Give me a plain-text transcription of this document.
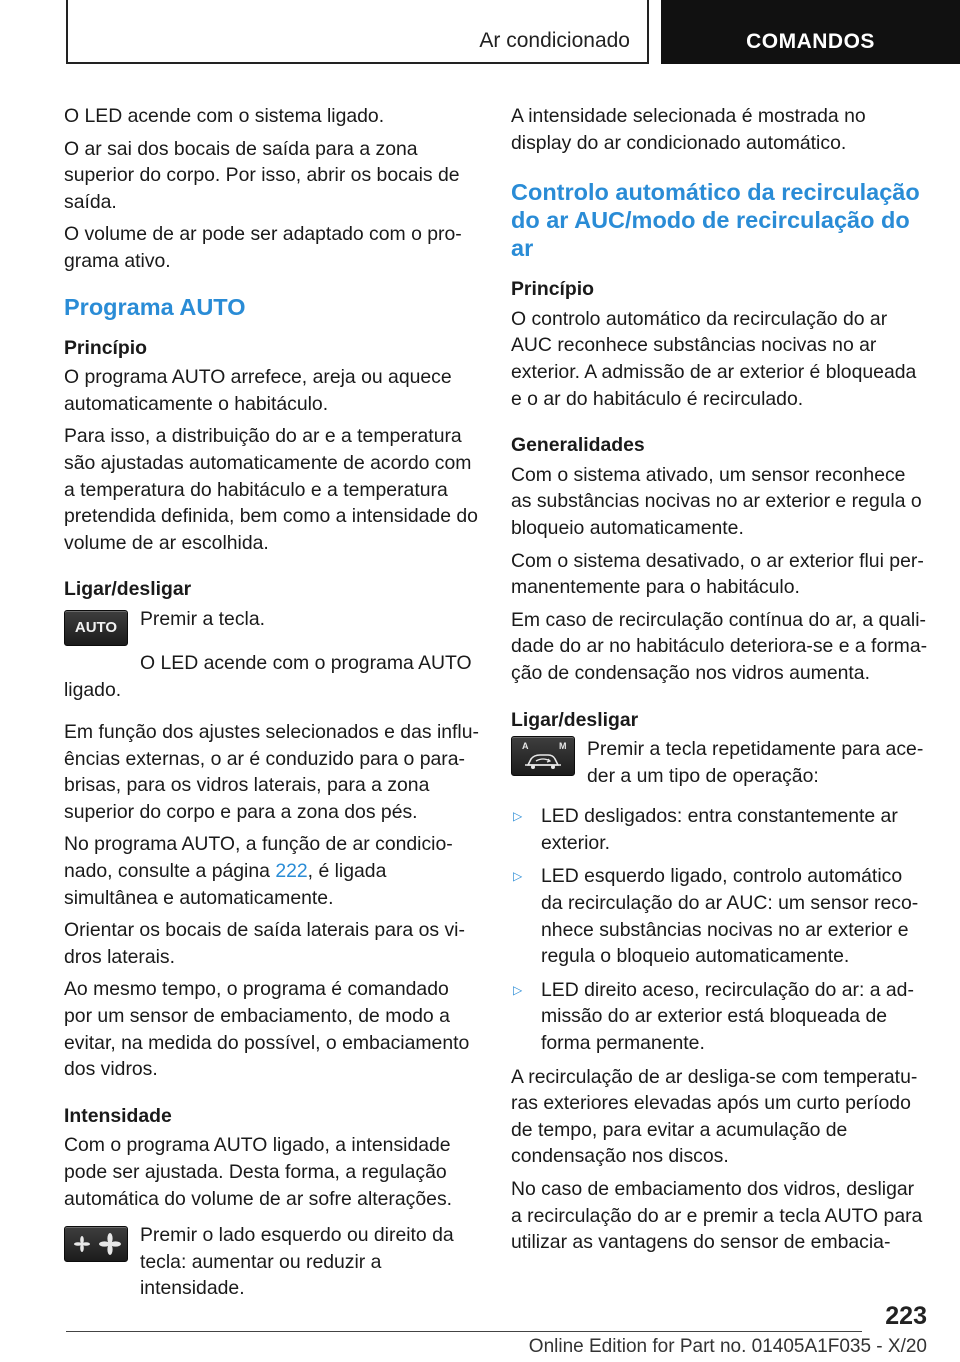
Ar condicionado	COMANDOS

O LED acende com o sistema ligado.

O ar sai dos bocais de saída para a zona superior do corpo. Por isso, abrir os bocais de saída.

O volume de ar pode ser adaptado com o programa ativo.

Programa AUTO
Princípio

O programa AUTO arrefece, areja ou aquece automaticamente o habitáculo.

Para isso, a distribuição do ar e a temperatura são ajustadas automaticamente de acordo com a temperatura do habitáculo e a temperatura pretendida definida, bem como a intensidade do volume de ar escolhida.

Ligar/desligar
AUTO	Premir a tecla.

O LED acende com o programa AUTO ligado.

Em função dos ajustes selecionados e das influências externas, o ar é conduzido para o para-brisas, para os vidros laterais, para a zona superior do corpo e para a zona dos pés.

No programa AUTO, a função de ar condicionado, consulte a página 222, é ligada simultânea e automaticamente.

Orientar os bocais de saída laterais para os vidros laterais.

Ao mesmo tempo, o programa é comandado por um sensor de embaciamento, de modo a evitar, na medida do possível, o embaciamento dos vidros.

Intensidade

Com o programa AUTO ligado, a intensidade pode ser ajustada. Desta forma, a regulação automática do volume de ar sofre alterações.

Premir o lado esquerdo ou direito da tecla: aumentar ou reduzir a intensidade.

A intensidade selecionada é mostrada no display do ar condicionado automático.

Controlo automático da recirculação do ar AUC/modo de recirculação do ar
Princípio

O controlo automático da recirculação do ar AUC reconhece substâncias nocivas no ar exterior. A admissão de ar exterior é bloqueada e o ar do habitáculo é recirculado.

Generalidades

Com o sistema ativado, um sensor reconhece as substâncias nocivas no ar exterior e regula o bloqueio automaticamente.

Com o sistema desativado, o ar exterior flui permanentemente para o habitáculo.

Em caso de recirculação contínua do ar, a qualidade do ar no habitáculo deteriora-se e a formação de condensação nos vidros aumenta.

Ligar/desligar
A	M Premir a tecla repetidamente para aceder a um tipo de operação:

▷ LED desligados: entra constantemente ar exterior.
▷ LED esquerdo ligado, controlo automático da recirculação do ar AUC: um sensor reconhece substâncias nocivas no ar exterior e regula o bloqueio automaticamente.
▷ LED direito aceso, recirculação do ar: a admissão do ar exterior está bloqueada de forma permanente.

A recirculação de ar desliga-se com temperaturas exteriores elevadas após um curto período de tempo, para evitar a acumulação de condensação nos discos.

No caso de embaciamento dos vidros, desligar a recirculação do ar e premir a tecla AUTO para utilizar as vantagens do sensor de embacia-

223
Online Edition for Part no. 01405A1F035 - X/20
